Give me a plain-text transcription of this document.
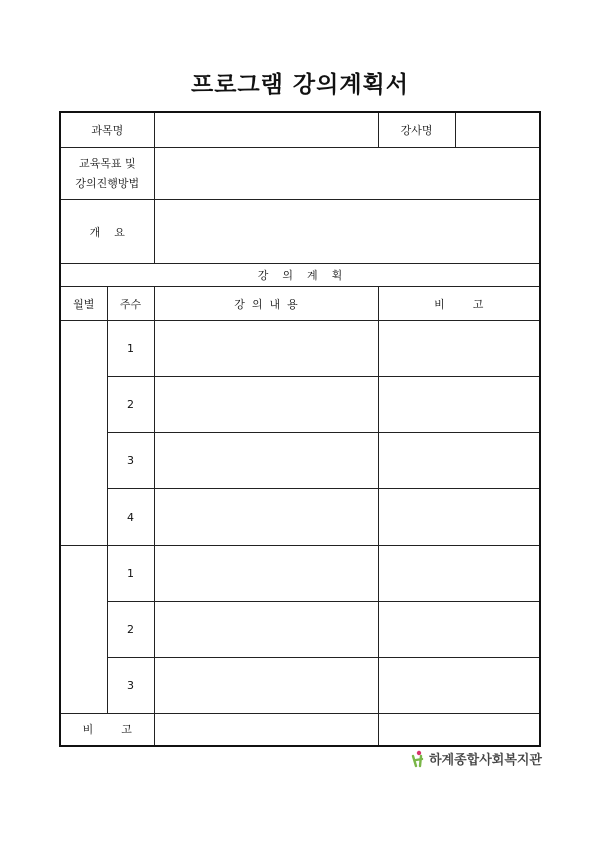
프로그램 강의계획서
과목명			강사명

교육목표 및
강의진행방법			

개    요			
강    의    계    획			
월별	주수	강  의  내  용	비        고
	1		
	2		
	3		
	4		
	1		
	2		
	3		
비        고			
하계종합사회복지관
